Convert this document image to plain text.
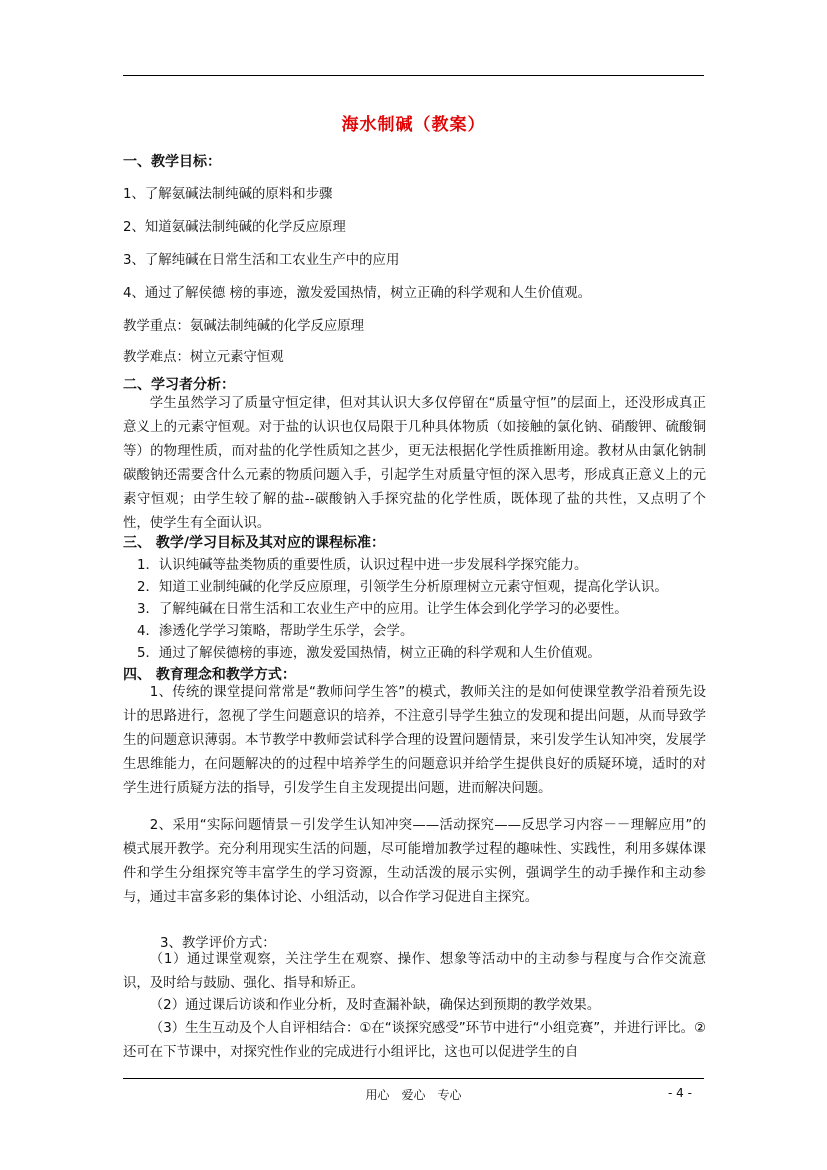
海水制碱（教案）
一、教学目标：
1、了解氨碱法制纯碱的原料和步骤
2、知道氨碱法制纯碱的化学反应原理
3、了解纯碱在日常生活和工农业生产中的应用
4、通过了解侯德 榜的事迹，激发爱国热情，树立正确的科学观和人生价值观。
教学重点：氨碱法制纯碱的化学反应原理
教学难点：树立元素守恒观
二、学习者分析：
学生虽然学习了质量守恒定律，但对其认识大多仅停留在“质量守恒”的层面上，还没形成真正意义上的元素守恒观。对于盐的认识也仅局限于几种具体物质（如接触的氯化钠、硝酸钾、硫酸铜等）的物理性质，而对盐的化学性质知之甚少，更无法根据化学性质推断用途。教材从由氯化钠制碳酸钠还需要含什么元素的物质问题入手，引起学生对质量守恒的深入思考，形成真正意义上的元素守恒观；由学生较了解的盐--碳酸钠入手探究盐的化学性质，既体现了盐的共性，又点明了个性，使学生有全面认识。
三、 教学/学习目标及其对应的课程标准：
1．认识纯碱等盐类物质的重要性质，认识过程中进一步发展科学探究能力。
2．知道工业制纯碱的化学反应原理，引领学生分析原理树立元素守恒观，提高化学认识。
3．了解纯碱在日常生活和工农业生产中的应用。让学生体会到化学学习的必要性。
4．渗透化学学习策略，帮助学生乐学，会学。
5．通过了解侯德榜的事迹，激发爱国热情，树立正确的科学观和人生价值观。
四、 教育理念和教学方式：
1、传统的课堂提问常常是“教师问学生答”的模式，教师关注的是如何使课堂教学沿着预先设计的思路进行，忽视了学生问题意识的培养，不注意引导学生独立的发现和提出问题，从而导致学生的问题意识薄弱。本节教学中教师尝试科学合理的设置问题情景，来引发学生认知冲突，发展学生思维能力，在问题解决的的过程中培养学生的问题意识并给学生提供良好的质疑环境，适时的对学生进行质疑方法的指导，引发学生自主发现提出问题，进而解决问题。
2、采用“实际问题情景－引发学生认知冲突——活动探究——反思学习内容－－理解应用”的模式展开教学。充分利用现实生活的问题，尽可能增加教学过程的趣味性、实践性，利用多媒体课件和学生分组探究等丰富学生的学习资源，生动活泼的展示实例，强调学生的动手操作和主动参与，通过丰富多彩的集体讨论、小组活动，以合作学习促进自主探究。
3、教学评价方式：
（1）通过课堂观察，关注学生在观察、操作、想象等活动中的主动参与程度与合作交流意识，及时给与鼓励、强化、指导和矫正。
（2）通过课后访谈和作业分析，及时查漏补缺，确保达到预期的教学效果。
（3）生生互动及个人自评相结合：①在“谈探究感受”环节中进行“小组竞赛”，并进行评比。②还可在下节课中，对探究性作业的完成进行小组评比，这也可以促进学生的自
用心　爱心　专心	- 4 -
